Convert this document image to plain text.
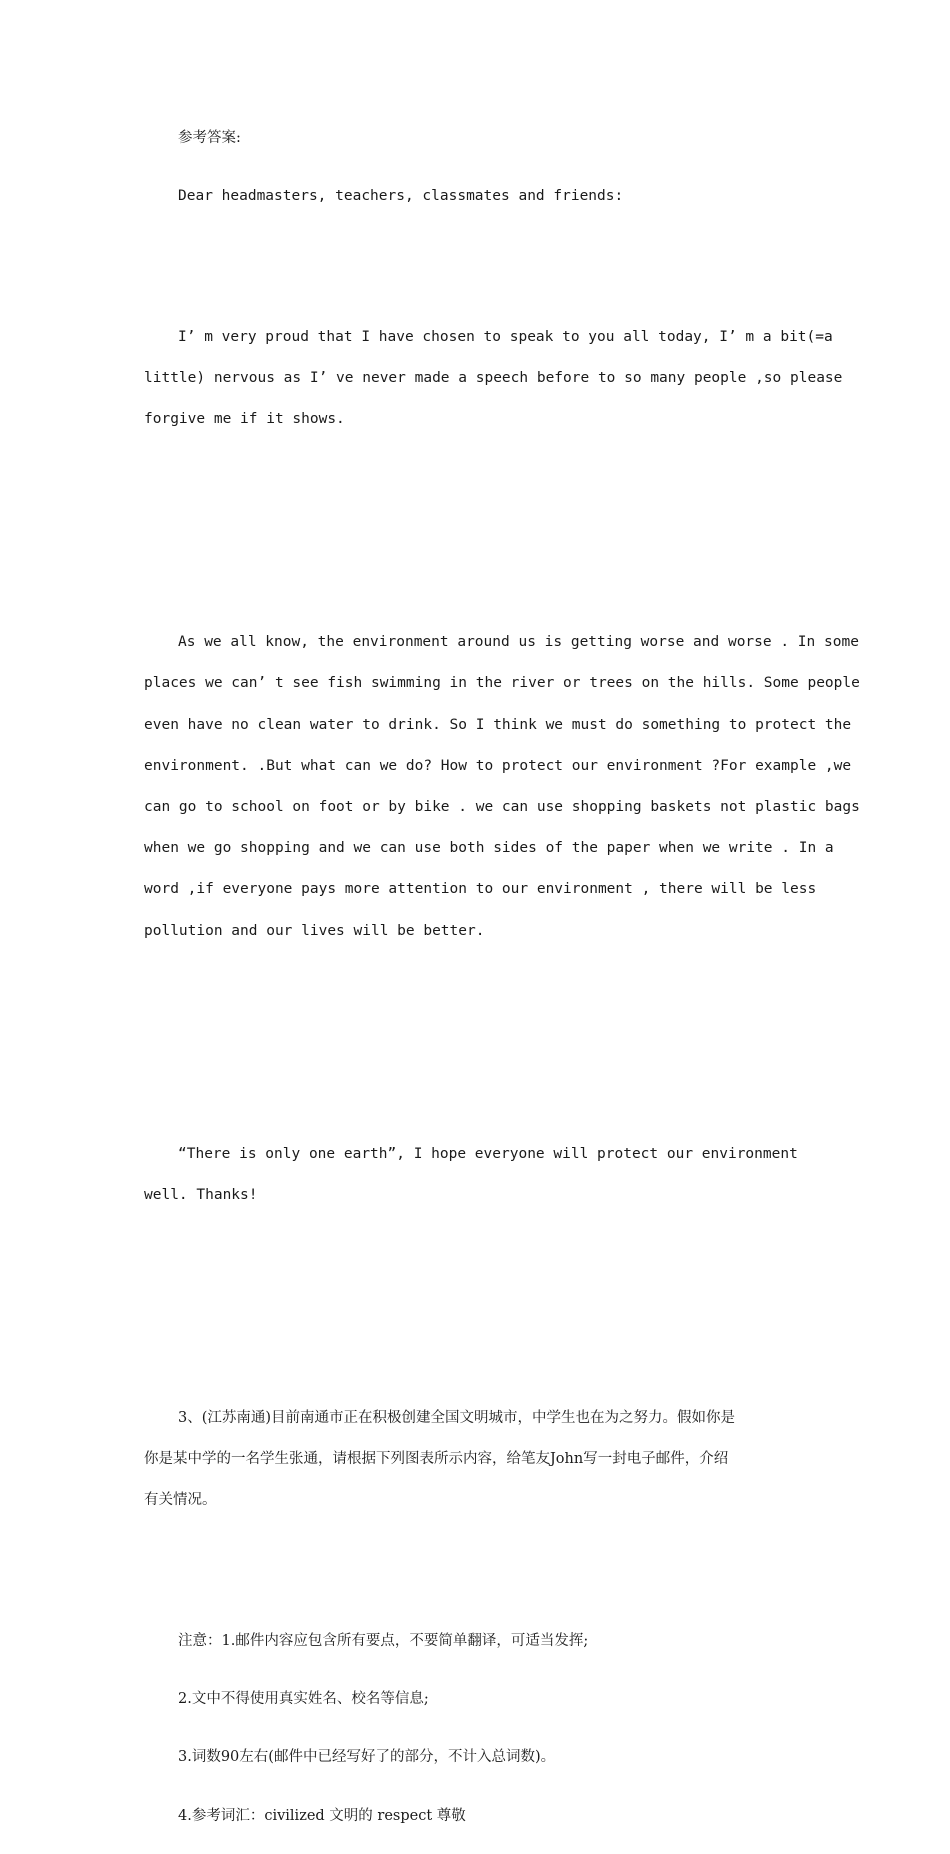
参考答案:

Dear headmasters, teachers, classmates and friends:

I’ m very proud that I have chosen to speak to you all today, I’ m a bit(=a
little) nervous as I’ ve never made a speech before to so many people ,so please
forgive me if it shows.

As we all know, the environment around us is getting worse and worse . In some
places we can’ t see fish swimming in the river or trees on the hills. Some people
even have no clean water to drink. So I think we must do something to protect the
environment. .But what can we do? How to protect our environment ?For example ,we
can go to school on foot or by bike . we can use shopping baskets not plastic bags
when we go shopping and we can use both sides of the paper when we write . In a
word ,if everyone pays more attention to our environment , there will be less
pollution and our lives will be better.

“There is only one earth”, I hope everyone will protect our environment
well. Thanks!

3、(江苏南通)目前南通市正在积极创建全国文明城市，中学生也在为之努力。假如你是
你是某中学的一名学生张通，请根据下列图表所示内容，给笔友John写一封电子邮件，介绍
有关情况。

注意：1.邮件内容应包含所有要点，不要简单翻译，可适当发挥;

2.文中不得使用真实姓名、校名等信息;

3.词数90左右(邮件中已经写好了的部分，不计入总词数)。

4.参考词汇：civilized 文明的 respect 尊敬
